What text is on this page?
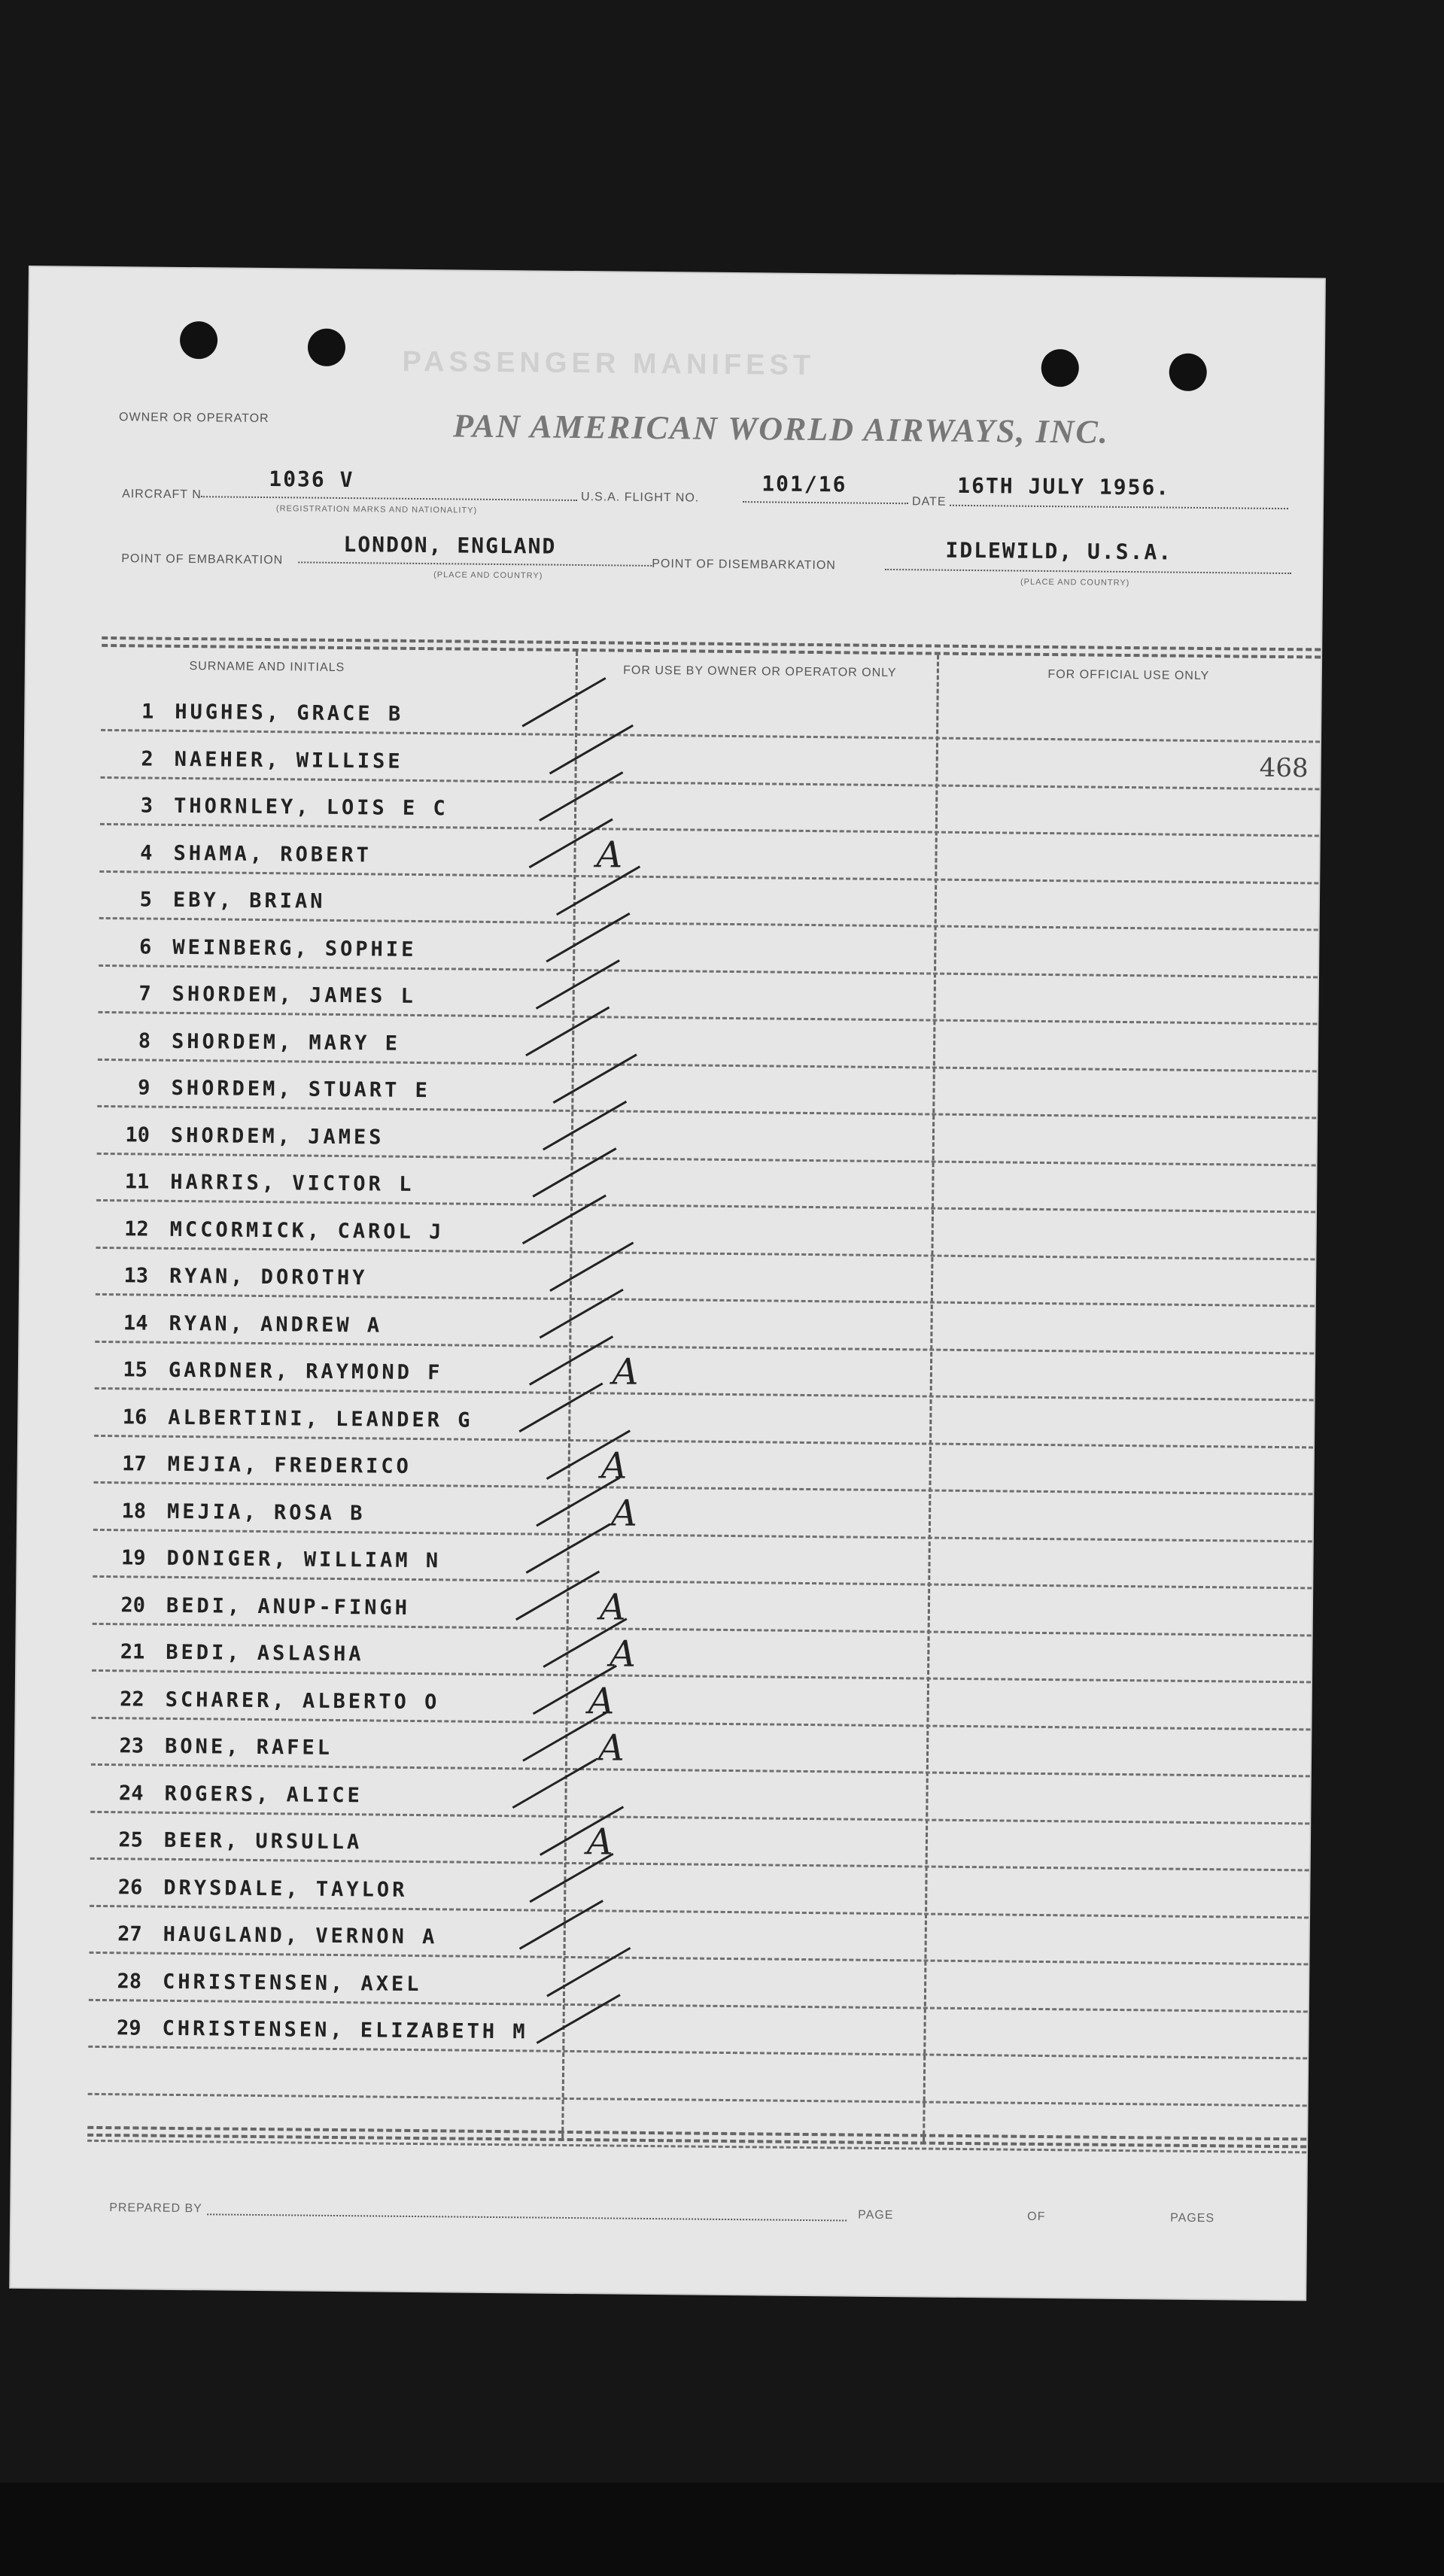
PASSENGER MANIFEST
OWNER OR OPERATOR	PAN AMERICAN WORLD AIRWAYS, INC.
AIRCRAFT N
1036 V
(REGISTRATION MARKS AND NATIONALITY)
U.S.A. FLIGHT NO.
101/16
DATE
16TH JULY 1956.
POINT OF EMBARKATION
LONDON, ENGLAND
(PLACE AND COUNTRY)
POINT OF DISEMBARKATION
IDLEWILD, U.S.A.
(PLACE AND COUNTRY)
SURNAME AND INITIALS	FOR USE BY OWNER OR OPERATOR ONLY	FOR OFFICIAL USE ONLY
1 HUGHES, GRACE B
2 NAEHER, WILLISE
3 THORNLEY, LOIS E C
4 SHAMA, ROBERT	A
5 EBY, BRIAN
6 WEINBERG, SOPHIE
7 SHORDEM, JAMES L
8 SHORDEM, MARY E
9 SHORDEM, STUART E
10 SHORDEM, JAMES
11 HARRIS, VICTOR L
12 MCCORMICK, CAROL J
13 RYAN, DOROTHY
14 RYAN, ANDREW A
15 GARDNER, RAYMOND F	A
16 ALBERTINI, LEANDER G
17 MEJIA, FREDERICO	A
18 MEJIA, ROSA B	A
19 DONIGER, WILLIAM N
20 BEDI, ANUP-FINGH	A
21 BEDI, ASLASHA	A
22 SCHARER, ALBERTO O	A
23 BONE, RAFEL	A
24 ROGERS, ALICE
25 BEER, URSULLA	A
26 DRYSDALE, TAYLOR
27 HAUGLAND, VERNON A
28 CHRISTENSEN, AXEL
29 CHRISTENSEN, ELIZABETH M
468
PREPARED BY
PAGE	OF	PAGES
